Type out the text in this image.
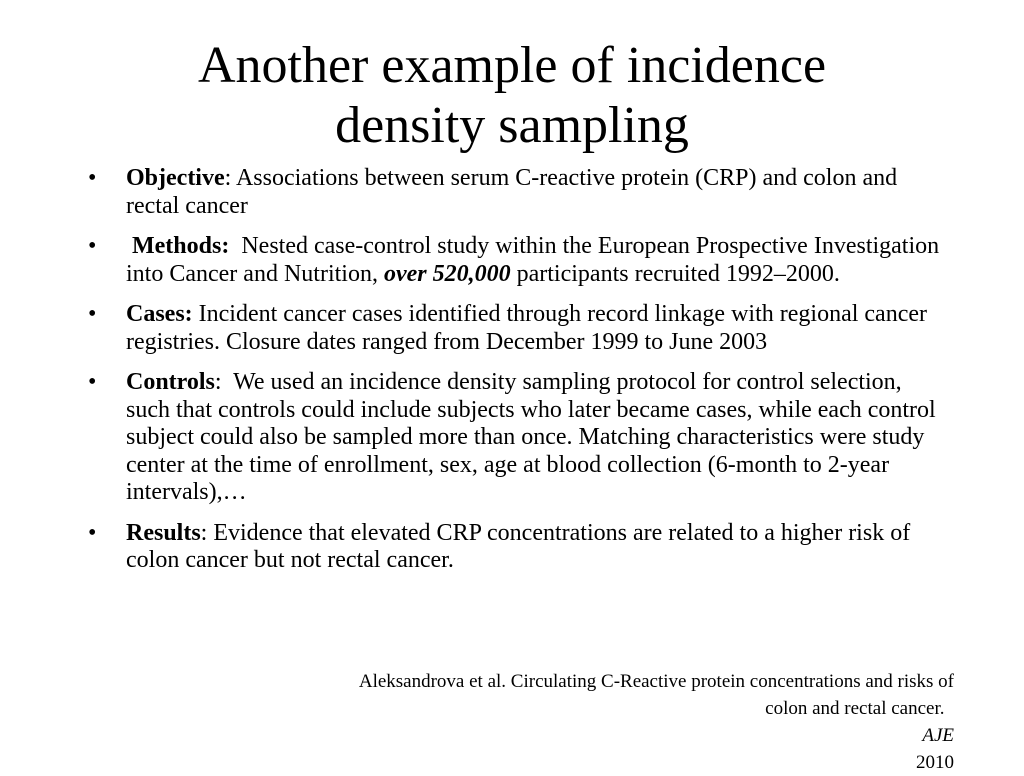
Another example of incidence
density sampling
•	Objective: Associations between serum C-reactive protein (CRP) and colon and rectal cancer
•	Methods:  Nested case-control study within the European Prospective Investigation into Cancer and Nutrition, over 520,000 participants recruited 1992–2000.
•	Cases: Incident cancer cases identified through record linkage with regional cancer registries. Closure dates ranged from December 1999 to June 2003
•	Controls:  We used an incidence density sampling protocol for control selection, such that controls could include subjects who later became cases, while each control subject could also be sampled more than once. Matching characteristics were study center at the time of enrollment, sex, age at blood collection (6-month to 2-year intervals),…
•	Results: Evidence that elevated CRP concentrations are related to a higher risk of colon cancer but not rectal cancer.
Aleksandrova et al. Circulating C-Reactive protein concentrations and risks of
colon and rectal cancer.
AJE
2010
